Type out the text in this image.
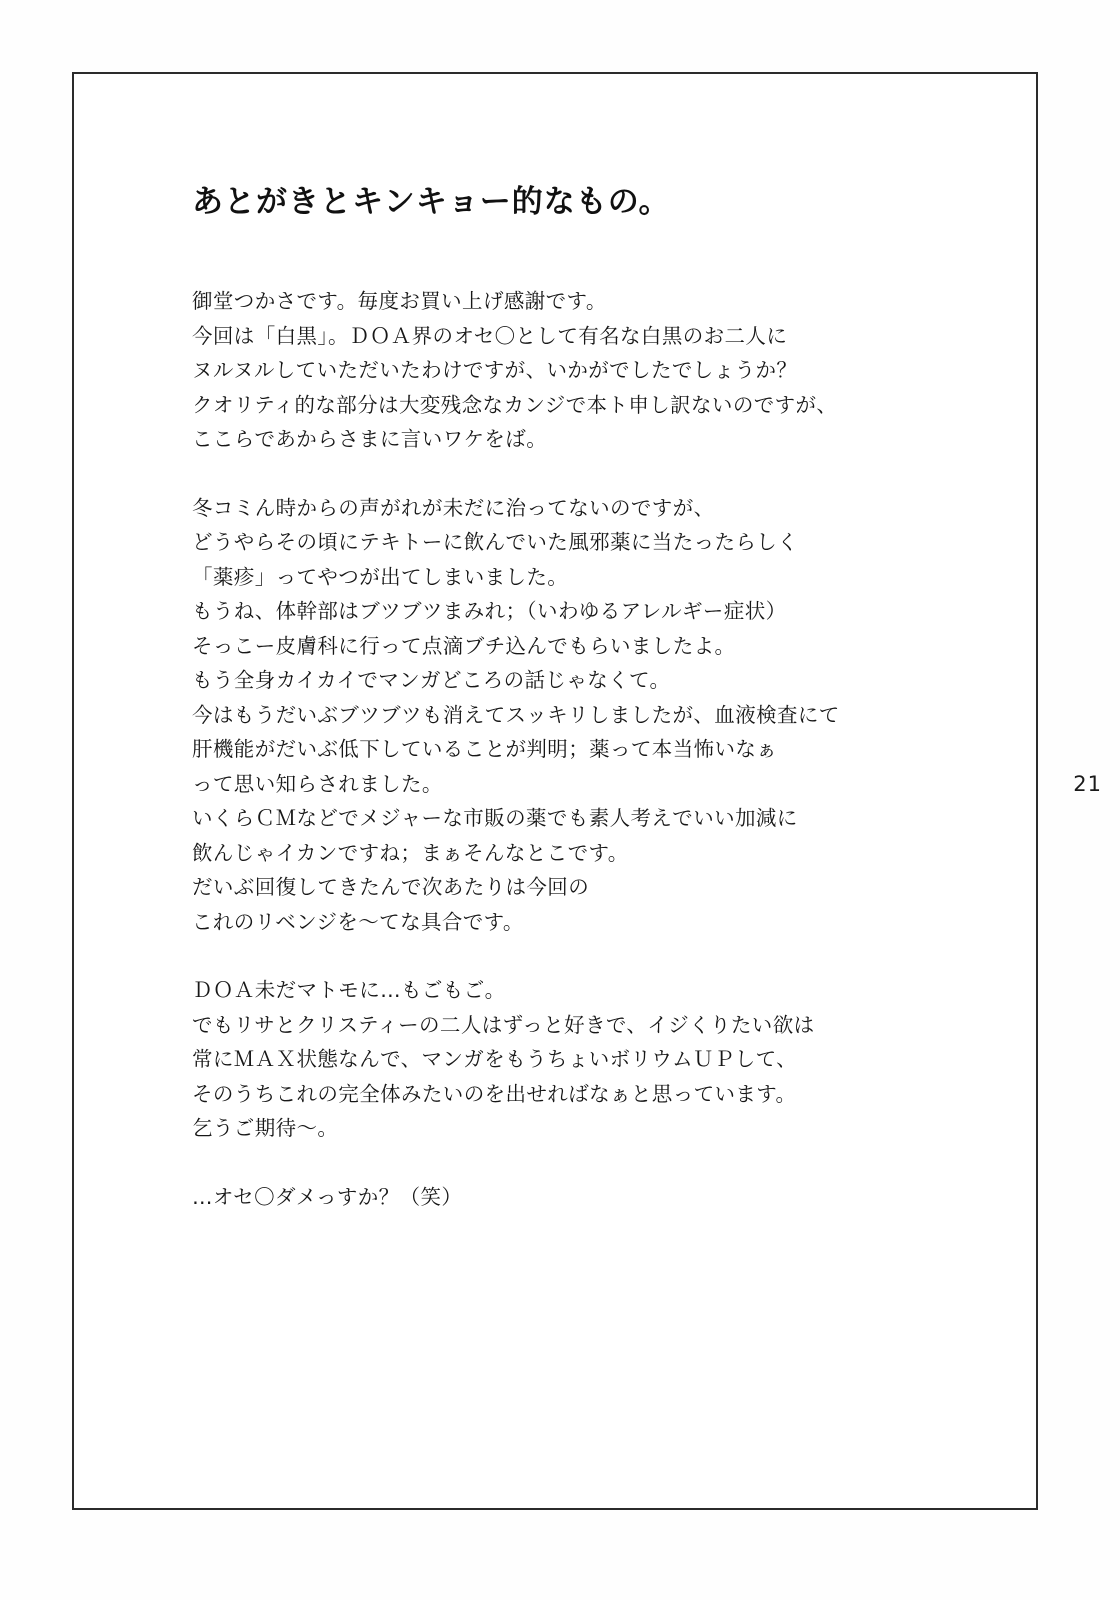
あとがきとキンキョー的なもの。
御堂つかさです。毎度お買い上げ感謝です。
今回は「白黒」。ＤＯＡ界のオセ〇として有名な白黒のお二人に
ヌルヌルしていただいたわけですが、いかがでしたでしょうか？
クオリティ的な部分は大変残念なカンジで本ト申し訳ないのですが、
ここらであからさまに言いワケをば。
冬コミん時からの声がれが未だに治ってないのですが、
どうやらその頃にテキトーに飲んでいた風邪薬に当たったらしく
「薬疹」ってやつが出てしまいました。
もうね、体幹部はブツブツまみれ；（いわゆるアレルギー症状）
そっこー皮膚科に行って点滴ブチ込んでもらいましたよ。
もう全身カイカイでマンガどころの話じゃなくて。
今はもうだいぶブツブツも消えてスッキリしましたが、血液検査にて
肝機能がだいぶ低下していることが判明；薬って本当怖いなぁ
って思い知らされました。
いくらＣＭなどでメジャーな市販の薬でも素人考えでいい加減に
飲んじゃイカンですね；まぁそんなとこです。
だいぶ回復してきたんで次あたりは今回の
これのリベンジを〜てな具合です。
ＤＯＡ未だマトモに…もごもご。
でもリサとクリスティーの二人はずっと好きで、イジくりたい欲は
常にＭＡＸ状態なんで、マンガをもうちょいボリウムＵＰして、
そのうちこれの完全体みたいのを出せればなぁと思っています。
乞うご期待〜。
…オセ〇ダメっすか？（笑）
21
